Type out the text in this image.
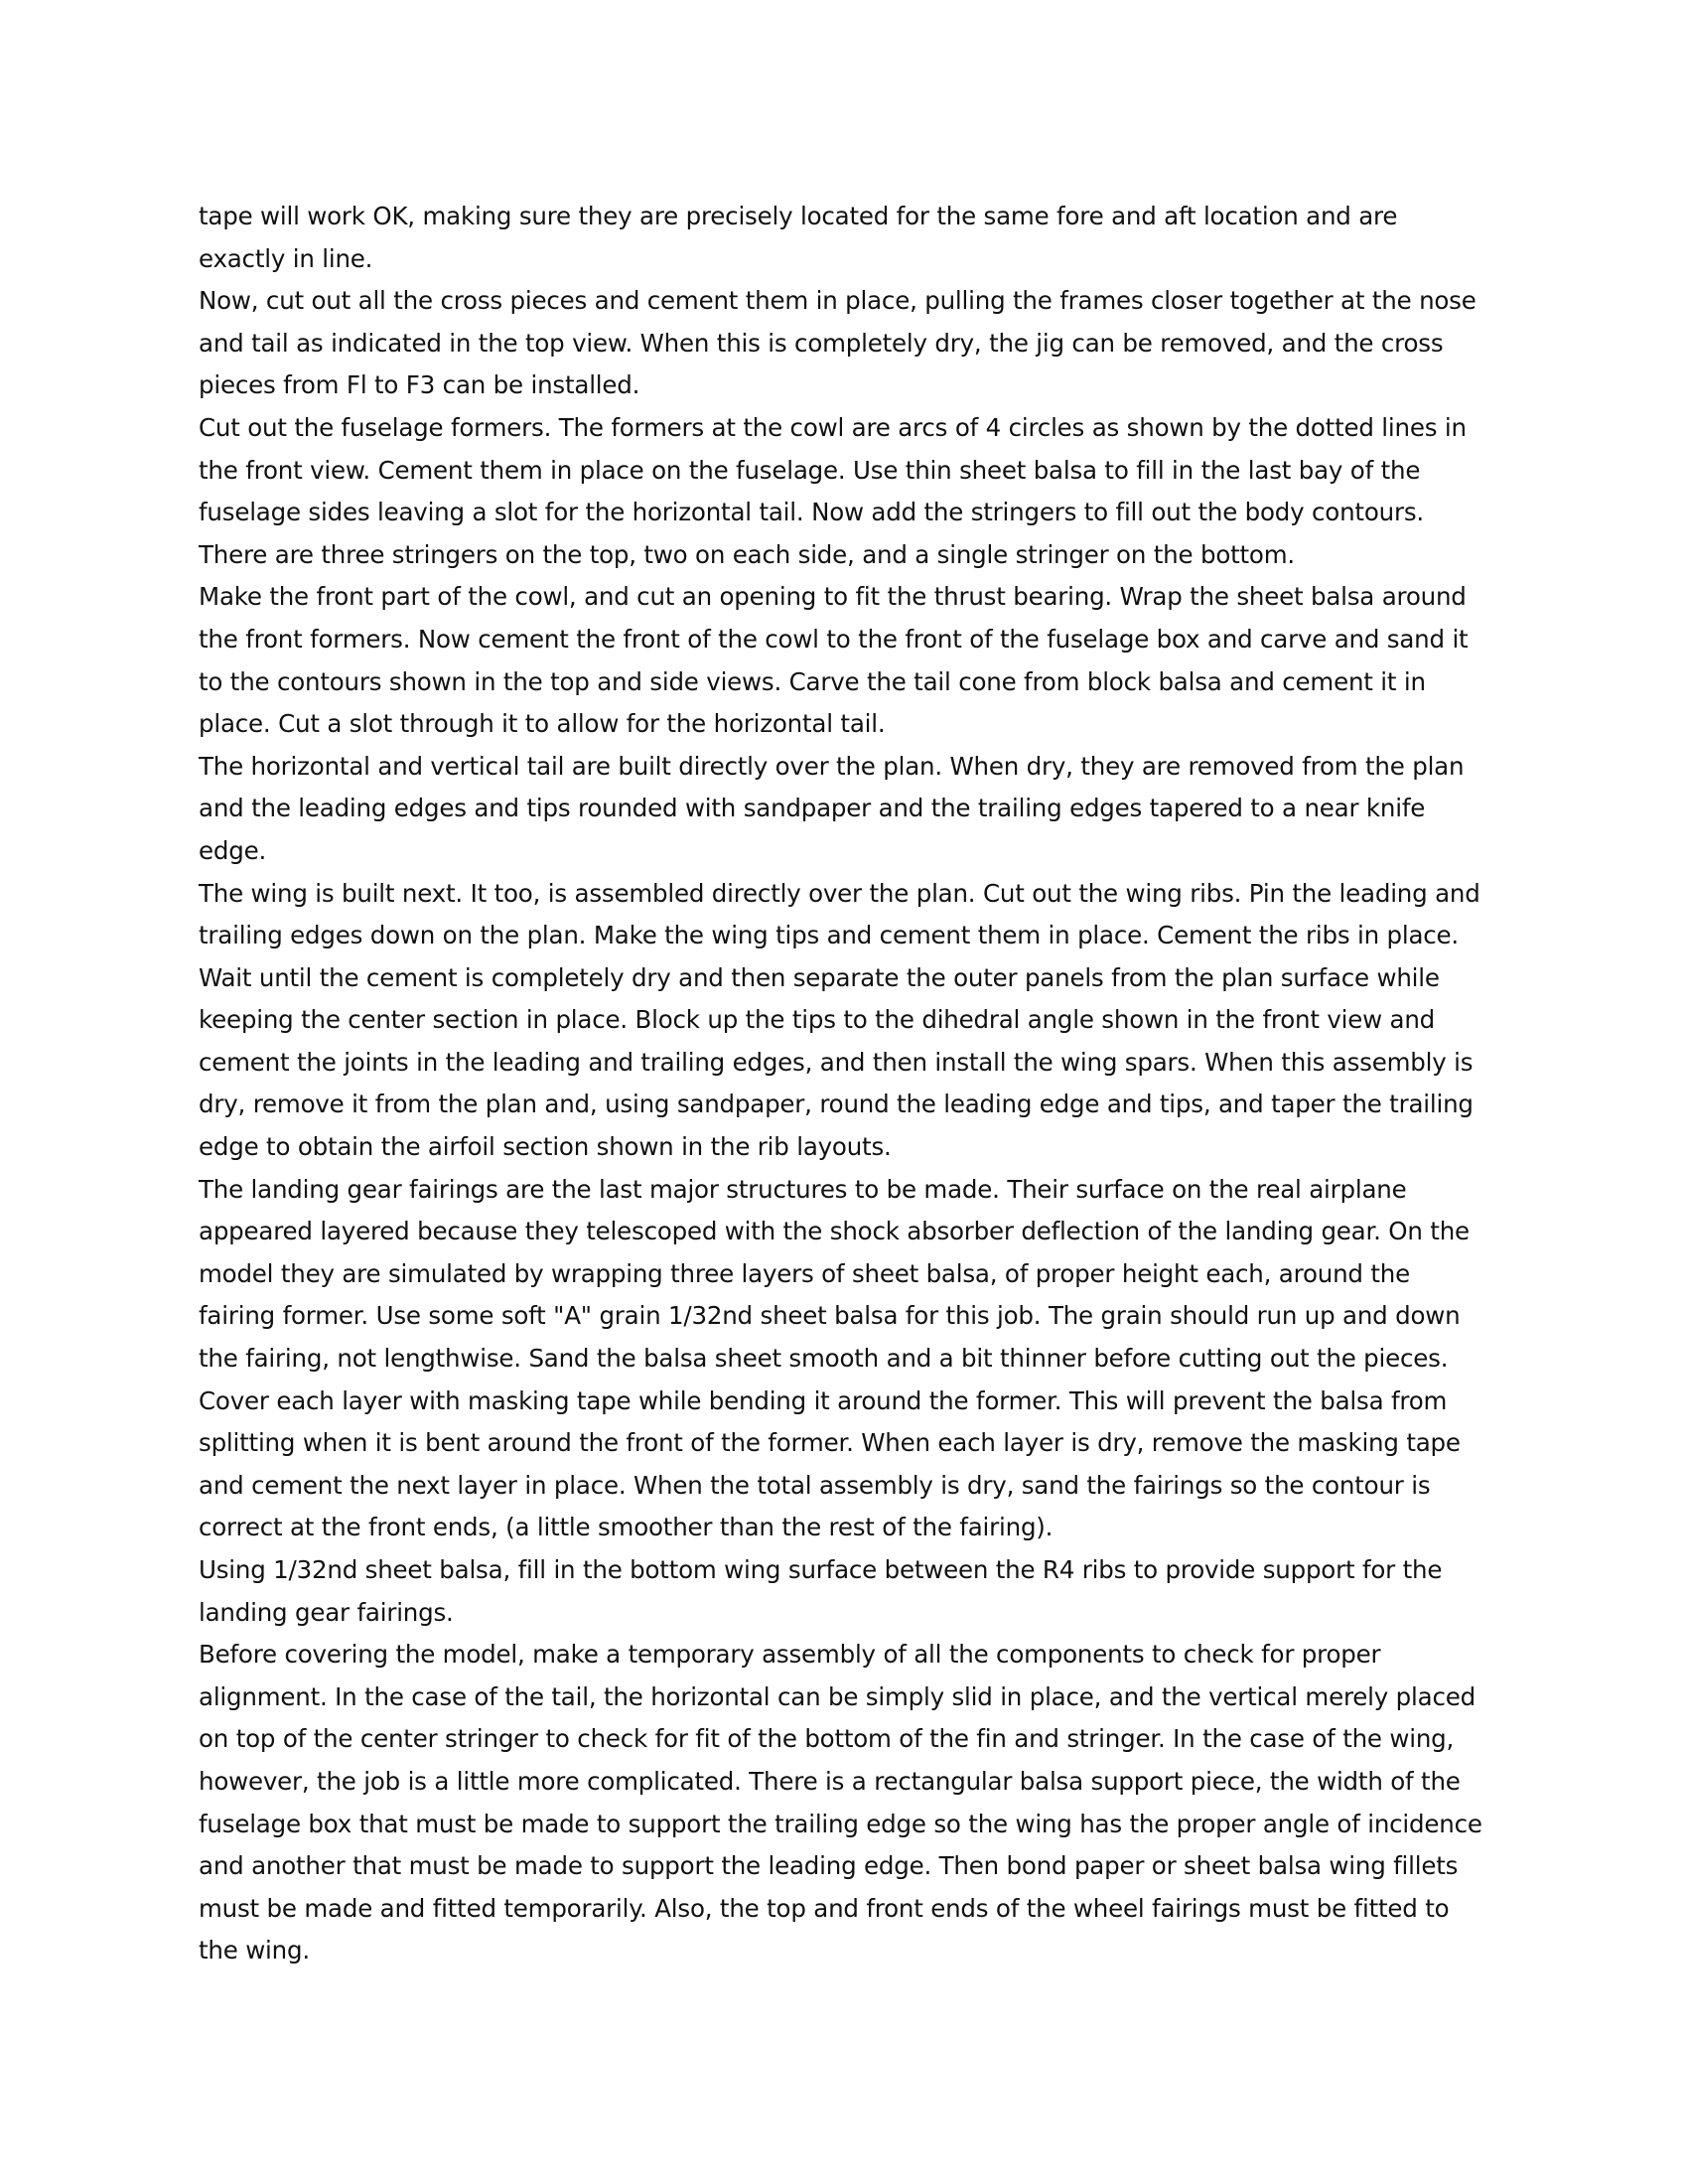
tape will work OK, making sure they are precisely located for the same fore and aft location and are exactly in line.

Now, cut out all the cross pieces and cement them in place, pulling the frames closer together at the nose and tail as indicated in the top view. When this is completely dry, the jig can be removed, and the cross pieces from Fl to F3 can be installed.

Cut out the fuselage formers. The formers at the cowl are arcs of 4 circles as shown by the dotted lines in the front view. Cement them in place on the fuselage. Use thin sheet balsa to fill in the last bay of the fuselage sides leaving a slot for the horizontal tail. Now add the stringers to fill out the body contours. There are three stringers on the top, two on each side, and a single stringer on the bottom.

Make the front part of the cowl, and cut an opening to fit the thrust bearing. Wrap the sheet balsa around the front formers. Now cement the front of the cowl to the front of the fuselage box and carve and sand it to the contours shown in the top and side views. Carve the tail cone from block balsa and cement it in place. Cut a slot through it to allow for the horizontal tail.

The horizontal and vertical tail are built directly over the plan. When dry, they are removed from the plan and the leading edges and tips rounded with sandpaper and the trailing edges tapered to a near knife edge.

The wing is built next. It too, is assembled directly over the plan. Cut out the wing ribs. Pin the leading and trailing edges down on the plan. Make the wing tips and cement them in place. Cement the ribs in place. Wait until the cement is completely dry and then separate the outer panels from the plan surface while keeping the center section in place. Block up the tips to the dihedral angle shown in the front view and cement the joints in the leading and trailing edges, and then install the wing spars. When this assembly is dry, remove it from the plan and, using sandpaper, round the leading edge and tips, and taper the trailing edge to obtain the airfoil section shown in the rib layouts.

The landing gear fairings are the last major structures to be made. Their surface on the real airplane appeared layered because they telescoped with the shock absorber deflection of the landing gear. On the model they are simulated by wrapping three layers of sheet balsa, of proper height each, around the fairing former. Use some soft "A" grain 1/32nd sheet balsa for this job. The grain should run up and down the fairing, not lengthwise. Sand the balsa sheet smooth and a bit thinner before cutting out the pieces. Cover each layer with masking tape while bending it around the former. This will prevent the balsa from splitting when it is bent around the front of the former. When each layer is dry, remove the masking tape and cement the next layer in place. When the total assembly is dry, sand the fairings so the contour is correct at the front ends, (a little smoother than the rest of the fairing).

Using 1/32nd sheet balsa, fill in the bottom wing surface between the R4 ribs to provide support for the landing gear fairings.

Before covering the model, make a temporary assembly of all the components to check for proper alignment. In the case of the tail, the horizontal can be simply slid in place, and the vertical merely placed on top of the center stringer to check for fit of the bottom of the fin and stringer. In the case of the wing, however, the job is a little more complicated. There is a rectangular balsa support piece, the width of the fuselage box that must be made to support the trailing edge so the wing has the proper angle of incidence and another that must be made to support the leading edge. Then bond paper or sheet balsa wing fillets must be made and fitted temporarily. Also, the top and front ends of the wheel fairings must be fitted to the wing.
